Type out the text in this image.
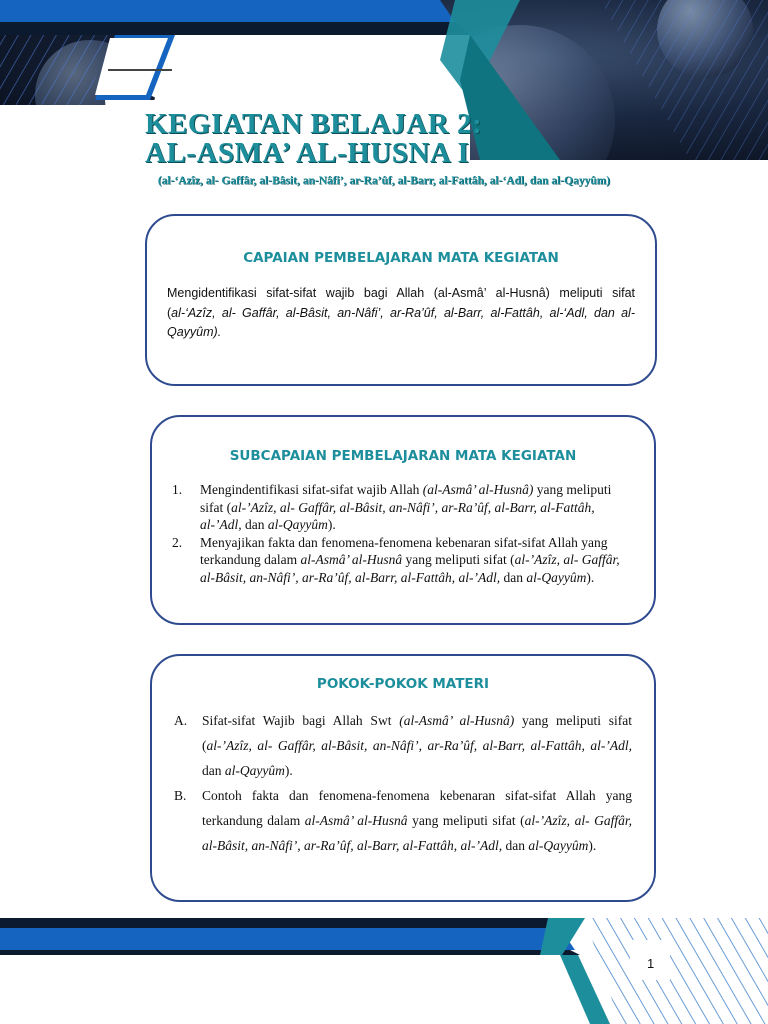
KEGIATAN BELAJAR 2:
AL-ASMA’ AL-HUSNA I
(al-‘Azîz, al- Gaffâr, al-Bâsit, an-Nâfi’, ar-Ra’ûf, al-Barr, al-Fattâh, al-‘Adl, dan al-Qayyûm)
CAPAIAN PEMBELAJARAN MATA KEGIATAN
Mengidentifikasi sifat-sifat wajib bagi Allah (al-Asmâ’ al-Husnâ) meliputi sifat (al-‘Azîz, al- Gaffâr, al-Bâsit, an-Nâfi’, ar-Ra’ûf, al-Barr, al-Fattâh, al-‘Adl, dan al-Qayyûm).
SUBCAPAIAN PEMBELAJARAN MATA KEGIATAN
1. Mengindentifikasi sifat-sifat wajib Allah (al-Asmâ’ al-Husnâ) yang meliputi sifat (al-’Azîz, al- Gaffâr, al-Bâsit, an-Nâfi’, ar-Ra’ûf, al-Barr, al-Fattâh, al-’Adl, dan al-Qayyûm).
2. Menyajikan fakta dan fenomena-fenomena kebenaran sifat-sifat Allah yang terkandung dalam al-Asmâ’ al-Husnâ yang meliputi sifat (al-’Azîz, al- Gaffâr, al-Bâsit, an-Nâfi’, ar-Ra’ûf, al-Barr, al-Fattâh, al-’Adl, dan al-Qayyûm).
POKOK-POKOK MATERI
A. Sifat-sifat Wajib bagi Allah Swt (al-Asmâ’ al-Husnâ) yang meliputi sifat (al-’Azîz, al- Gaffâr, al-Bâsit, an-Nâfi’, ar-Ra’ûf, al-Barr, al-Fattâh, al-’Adl, dan al-Qayyûm).
B. Contoh fakta dan fenomena-fenomena kebenaran sifat-sifat Allah yang terkandung dalam al-Asmâ’ al-Husnâ yang meliputi sifat (al-’Azîz, al- Gaffâr, al-Bâsit, an-Nâfi’, ar-Ra’ûf, al-Barr, al-Fattâh, al-’Adl, dan al-Qayyûm).
1
